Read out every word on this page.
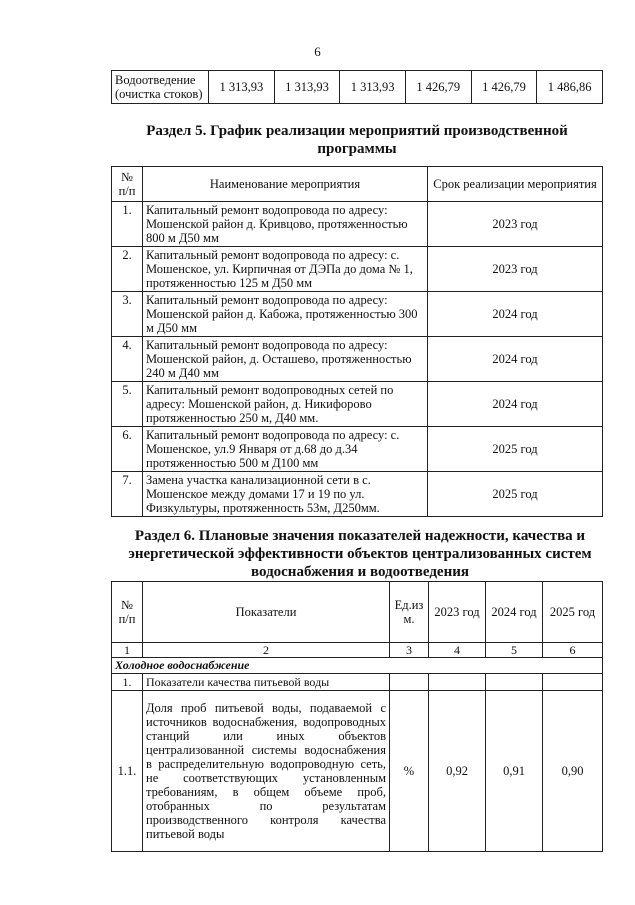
6
Водоотведение (очистка стоков)	1 313,93	1 313,93	1 313,93	1 426,79	1 426,79	1 486,86
Раздел 5. График реализации мероприятий производственной программы
№ п/п	Наименование мероприятия	Срок реализации мероприятия
1.	Капитальный ремонт водопровода по адресу: Мошенской район д. Кривцово, протяженностью 800 м Д50 мм	2023 год
2.	Капитальный ремонт водопровода по адресу: с. Мошенское, ул. Кирпичная от ДЭПа до дома № 1, протяженностью 125 м Д50 мм	2023 год
3.	Капитальный ремонт водопровода по адресу: Мошенской район д. Кабожа, протяженностью 300 м Д50 мм	2024 год
4.	Капитальный ремонт водопровода по адресу: Мошенской район, д. Осташево, протяженностью 240 м Д40 мм	2024 год
5.	Капитальный ремонт водопроводных сетей по адресу: Мошенской район, д. Никифорово протяженностью 250 м, Д40 мм.	2024 год
6.	Капитальный ремонт водопровода по адресу: с. Мошенское, ул.9 Января от д.68 до д.34 протяженностью 500 м Д100 мм	2025 год
7.	Замена участка канализационной сети в с. Мошенское между домами 17 и 19 по ул. Физкультуры, протяженность 53м, Д250мм.	2025 год
Раздел 6. Плановые значения показателей надежности, качества и энергетической эффективности объектов централизованных систем водоснабжения и водоотведения
№ п/п	Показатели	Ед.из м.	2023 год	2024 год	2025 год
1	2	3	4	5	6
Холодное водоснабжение					
1.	Показатели качества питьевой воды				
1.1.	Доля проб питьевой воды, подаваемой с источников водоснабжения, водопроводных станций или иных объектов централизованной системы водоснабжения в распределительную водопроводную сеть, не соответствующих установленным требованиям, в общем объеме проб, отобранных по результатам производственного контроля качества питьевой воды	%	0,92	0,91	0,90
